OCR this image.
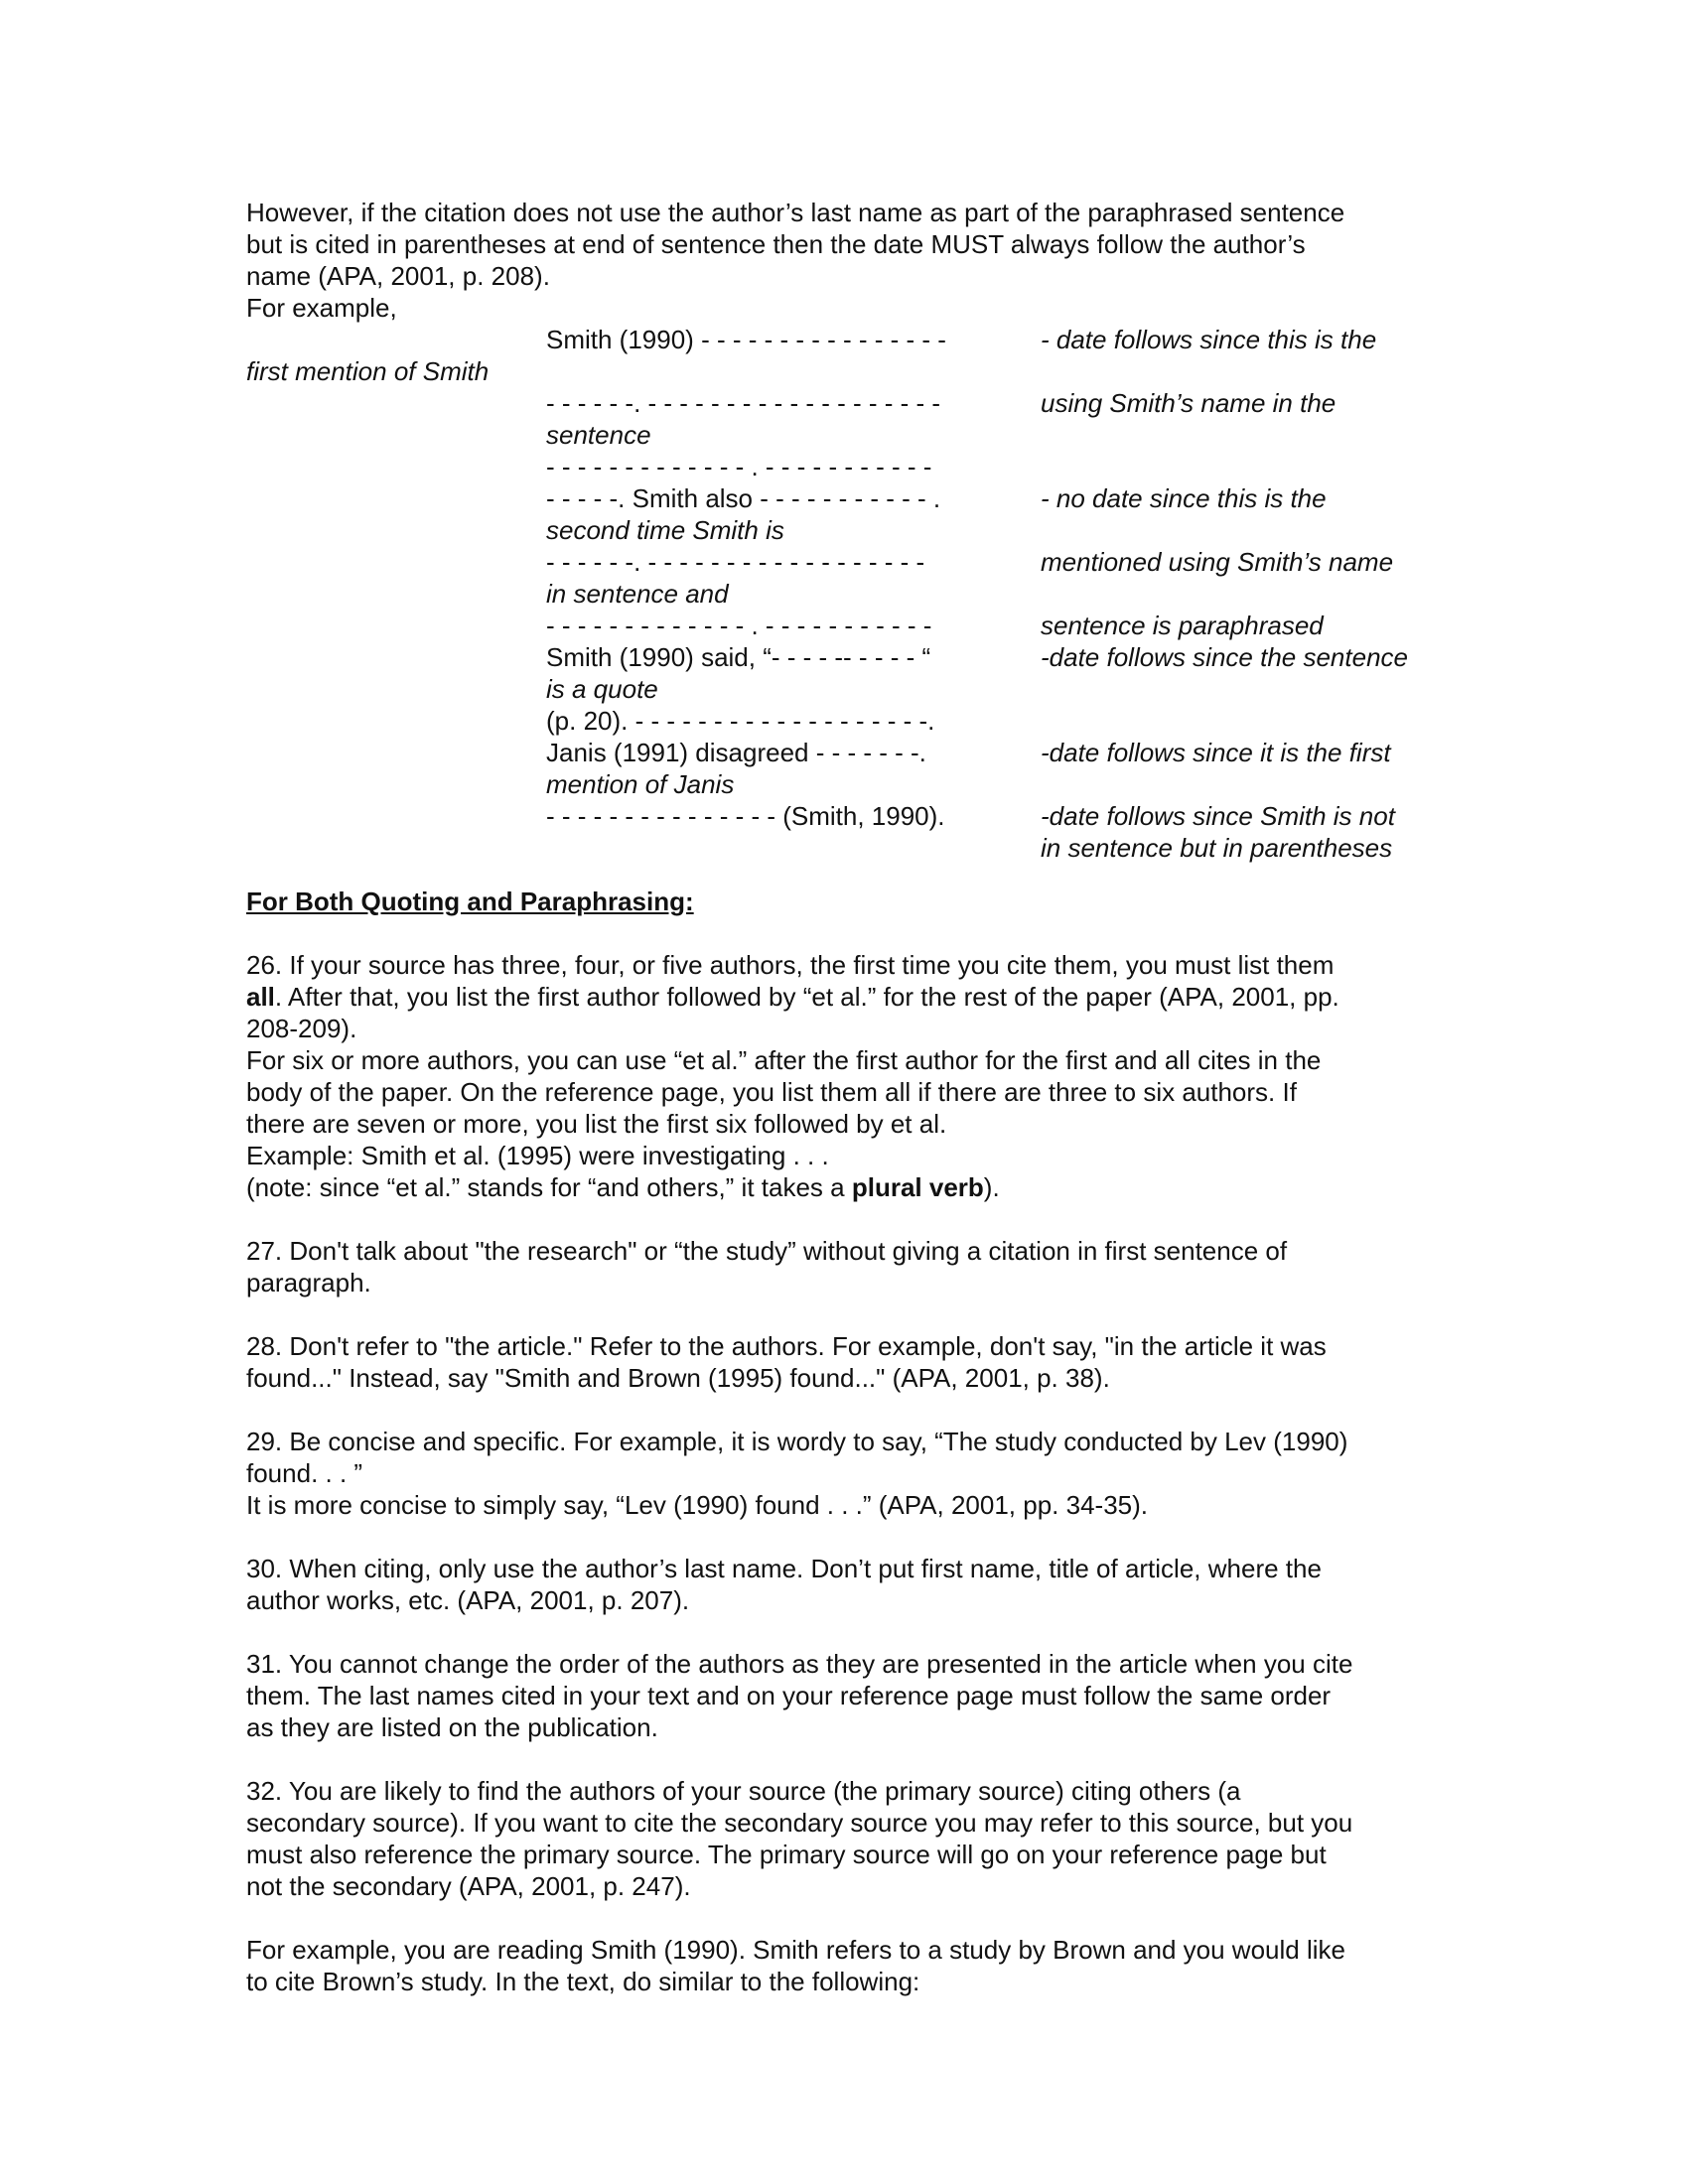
However, if the citation does not use the author’s last name as part of the paraphrased sentence

but is cited in parentheses at end of sentence then the date MUST always follow the author’s

name (APA, 2001, p. 208).

For example,

Smith (1990) - - - - - - - - - - - - - - - -	- date follows since this is the
first mention of Smith
- - - - - -. - - - - - - - - - - - - - - - - - - -	using Smith’s name in the
sentence
- - - - - - - - - - - - - . - - - - - - - - - - -
- - - - -. Smith also - - - - - - - - - - - .	- no date since this is the
second time Smith is
- - - - - -. - - - - - - - - - - - - - - - - - -	mentioned using Smith’s name
in sentence and
- - - - - - - - - - - - - . - - - - - - - - - - -	sentence is paraphrased
Smith (1990) said, “- - - - -- - - - - “	-date follows since the sentence
is a quote
(p. 20). - - - - - - - - - - - - - - - - - - -.
Janis (1991) disagreed - - - - - - -.	-date follows since it is the first
mention of Janis
- - - - - - - - - - - - - - - (Smith, 1990).	-date follows since Smith is not
in sentence but in parentheses

For Both Quoting and Paraphrasing:

26. If your source has three, four, or five authors, the first time you cite them, you must list them

all. After that, you list the first author followed by “et al.” for the rest of the paper (APA, 2001, pp.

208-209).

For six or more authors, you can use “et al.” after the first author for the first and all cites in the

body of the paper. On the reference page, you list them all if there are three to six authors. If

there are seven or more, you list the first six followed by et al.

Example: Smith et al. (1995) were investigating . . .

(note: since “et al.” stands for “and others,” it takes a plural verb).

27. Don't talk about "the research" or “the study” without giving a citation in first sentence of

paragraph.

28. Don't refer to "the article." Refer to the authors. For example, don't say, "in the article it was

found..." Instead, say "Smith and Brown (1995) found..." (APA, 2001, p. 38).

29. Be concise and specific. For example, it is wordy to say, “The study conducted by Lev (1990)

found. . . ”

It is more concise to simply say, “Lev (1990) found . . .” (APA, 2001, pp. 34-35).

30. When citing, only use the author’s last name. Don’t put first name, title of article, where the

author works, etc. (APA, 2001, p. 207).

31. You cannot change the order of the authors as they are presented in the article when you cite

them. The last names cited in your text and on your reference page must follow the same order

as they are listed on the publication.

32. You are likely to find the authors of your source (the primary source) citing others (a

secondary source). If you want to cite the secondary source you may refer to this source, but you

must also reference the primary source. The primary source will go on your reference page but

not the secondary (APA, 2001, p. 247).

For example, you are reading Smith (1990). Smith refers to a study by Brown and you would like

to cite Brown’s study. In the text, do similar to the following:
